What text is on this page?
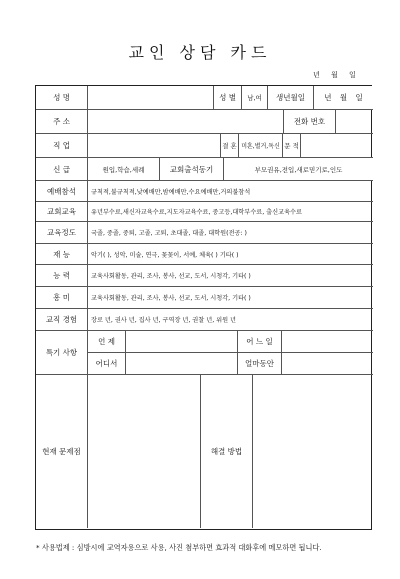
교인 상담 카드
년 월 일
성 명	성 별	남,여	생년월일	년 월 일
주 소	전화 번호
직 업	결 혼 미혼,별거,독신 문 적
신 급	원입,학습,세례	교회출석동기	부모권유,전입,새로믿기로,인도
예배참석	규칙적,불규칙적,낮예배만,밤예배만,수요예배만,거의불참석
교회교육	유년부수료,새신자교육수료,지도자교육수료, 중고등,대학부수료, 출신교육수료
교육정도	국졸, 중졸, 중퇴, 고졸, 고퇴, 초대졸, 대졸, 대학원(전공: )
재 능	악기( ), 성악, 미술, 연극, 꽃꽂이, 서예, 체육( ) 기타( )
능 력	교육사회활동, 관리, 조사, 봉사, 선교, 도서, 시청각, 기타( )
흥 미	교육사회활동, 관리, 조사, 봉사, 선교, 도서, 시청각, 기타( )
교직 경험	장로 년, 권사 년, 집사 년, 구역장 년, 권찰 년, 위원 년
특기 사항
언 제	어 느 일
어디서	얼마동안
현재 문제점	해결 방법
* 사용법제 : 심방시에 교역자용으로 사용, 사진 첨부하면 효과적 대화후에 메모하면 됩니다.
